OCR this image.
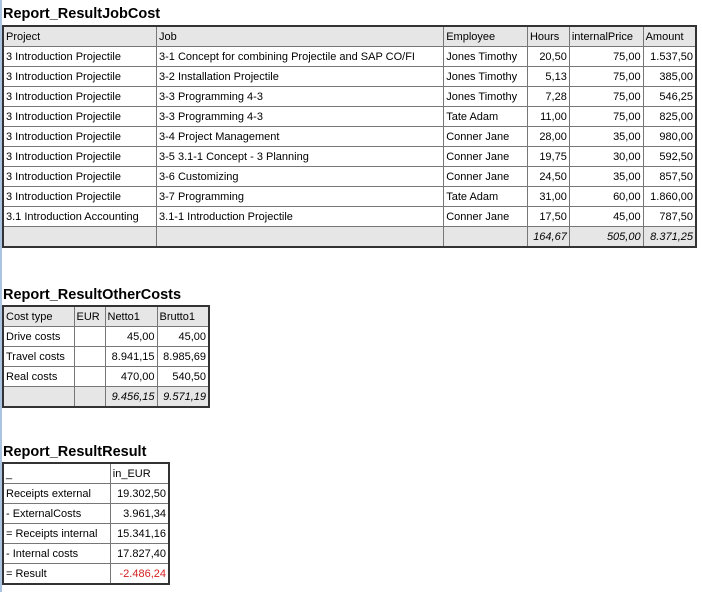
Report_ResultJobCost
Project	Job	Employee	Hours	internalPrice	Amount
3 Introduction Projectile	3-1 Concept for combining Projectile and SAP CO/FI	Jones Timothy	20,50	75,00	1.537,50
3 Introduction Projectile	3-2 Installation Projectile	Jones Timothy	5,13	75,00	385,00
3 Introduction Projectile	3-3 Programming 4-3	Jones Timothy	7,28	75,00	546,25
3 Introduction Projectile	3-3 Programming 4-3	Tate Adam	11,00	75,00	825,00
3 Introduction Projectile	3-4 Project Management	Conner Jane	28,00	35,00	980,00
3 Introduction Projectile	3-5 3.1-1 Concept - 3 Planning	Conner Jane	19,75	30,00	592,50
3 Introduction Projectile	3-6 Customizing	Conner Jane	24,50	35,00	857,50
3 Introduction Projectile	3-7 Programming	Tate Adam	31,00	60,00	1.860,00
3.1 Introduction Accounting	3.1-1 Introduction Projectile	Conner Jane	17,50	45,00	787,50
			164,67	505,00	8.371,25
Report_ResultOtherCosts
Cost type	EUR	Netto1	Brutto1
Drive costs		45,00	45,00
Travel costs		8.941,15	8.985,69
Real costs		470,00	540,50
		9.456,15	9.571,19
Report_ResultResult
_	in_EUR
Receipts external	19.302,50
- ExternalCosts	3.961,34
= Receipts internal	15.341,16
- Internal costs	17.827,40
= Result	-2.486,24
